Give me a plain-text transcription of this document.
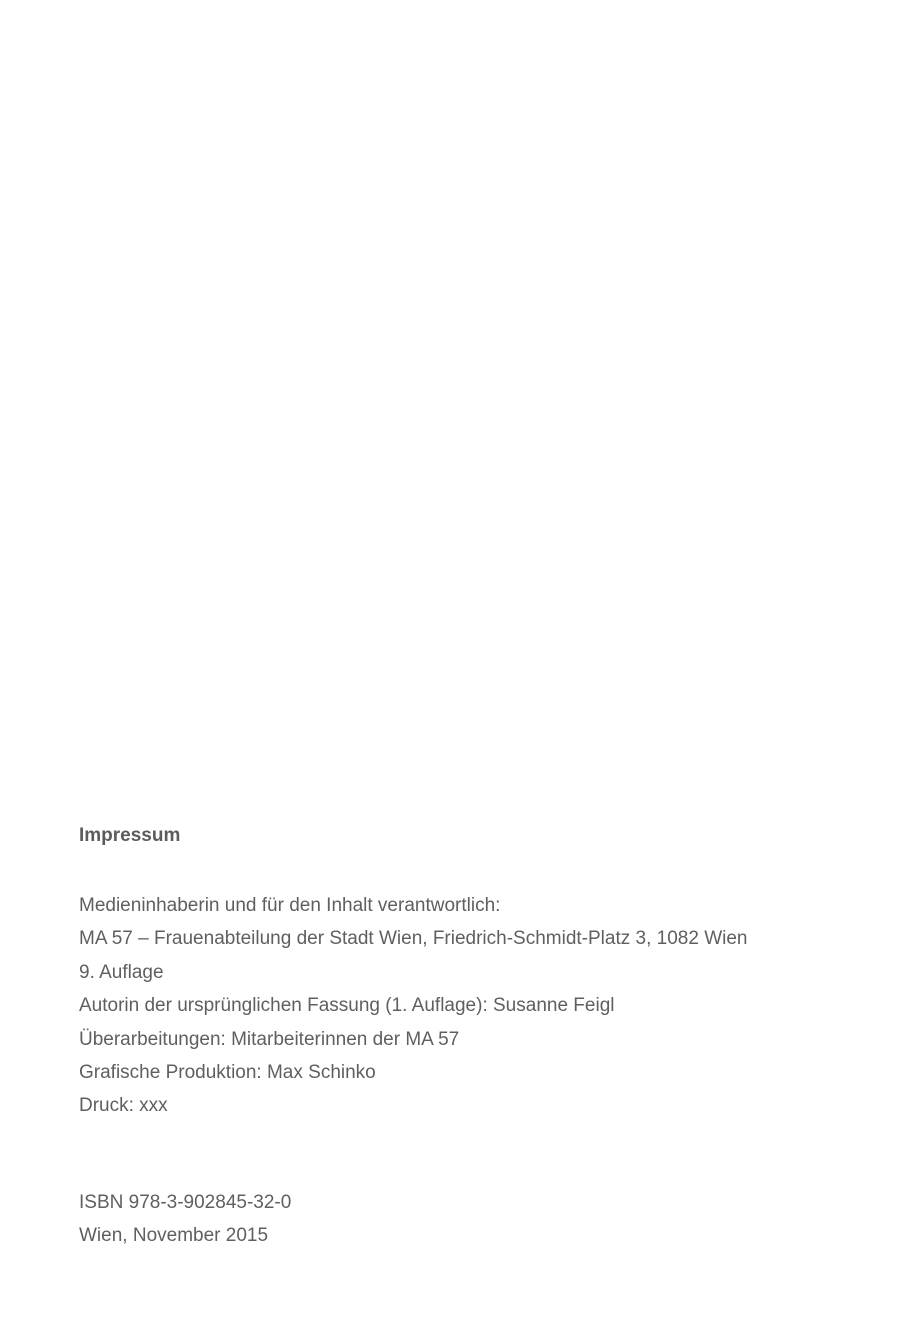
Impressum
Medieninhaberin und für den Inhalt verantwortlich:
MA 57 – Frauenabteilung der Stadt Wien, Friedrich-Schmidt-Platz 3, 1082 Wien
9. Auflage
Autorin der ursprünglichen Fassung (1. Auflage): Susanne Feigl
Überarbeitungen: Mitarbeiterinnen der MA 57
Grafische Produktion: Max Schinko
Druck: xxx
ISBN 978-3-902845-32-0
Wien, November 2015
